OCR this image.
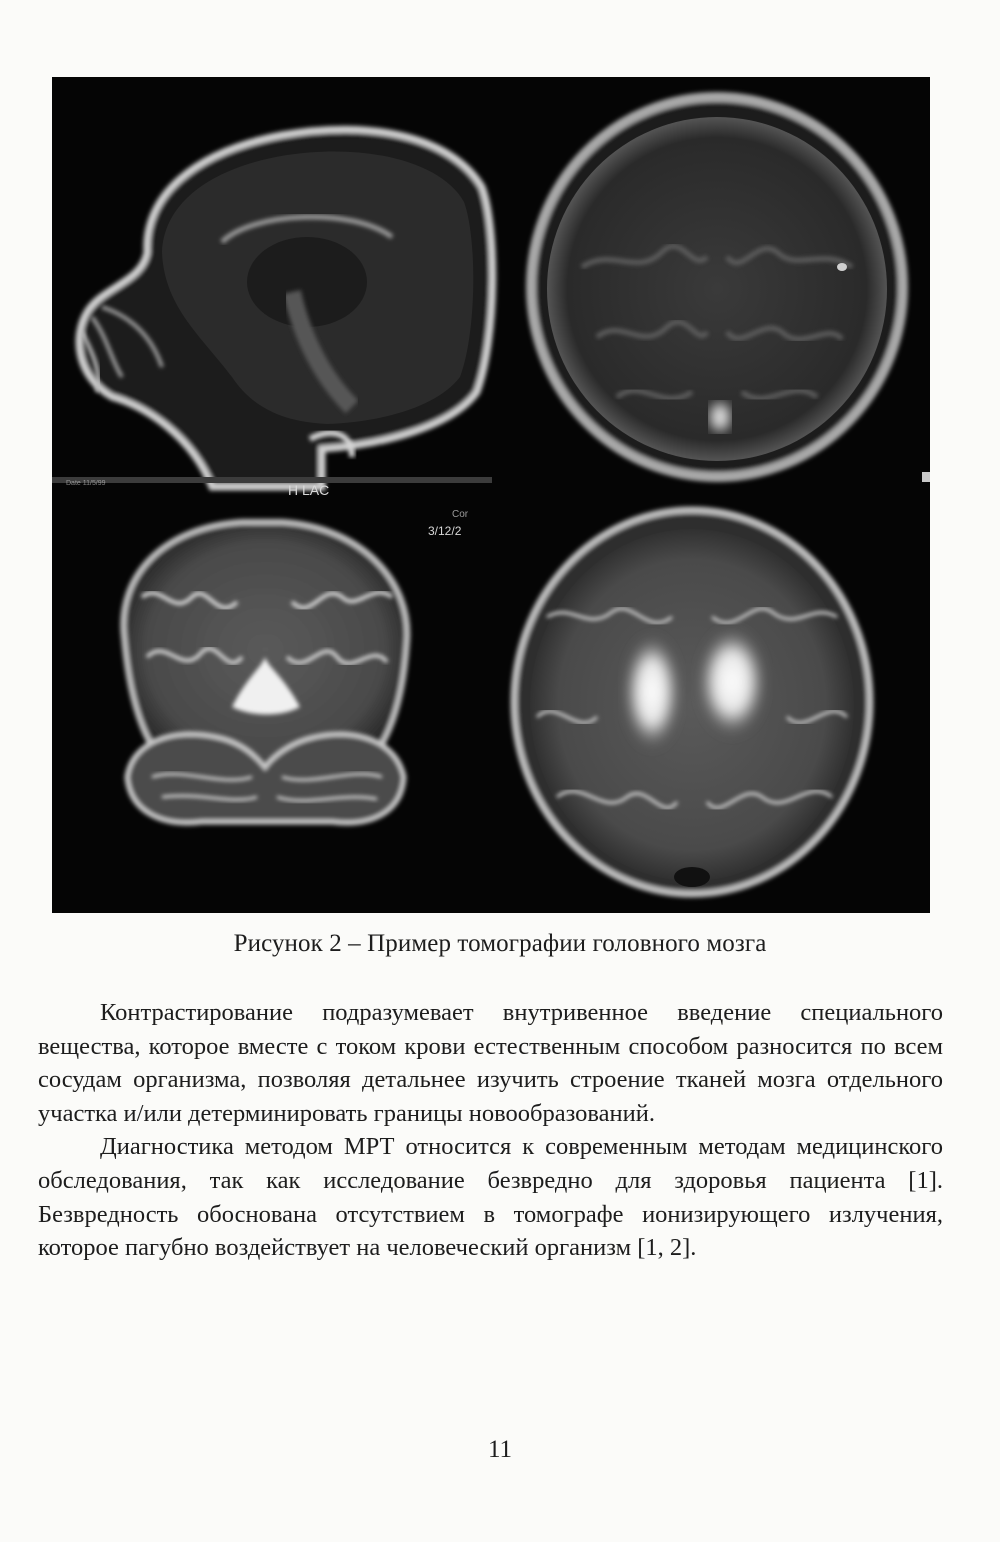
H LAC
Date 11/5/99
Cor
3/12/2
Рисунок 2 – Пример томографии головного мозга

Контрастирование подразумевает внутривенное введение специального вещества, которое вместе с током крови естественным способом разносится по всем сосудам организма, позволяя детальнее изучить строение тканей мозга отдельного участка и/или детерминировать границы новообразований.

Диагностика методом МРТ относится к современным методам медицинского обследования, так как исследование безвредно для здоровья пациента [1]. Безвредность обоснована отсутствием в томографе ионизирующего излучения, которое пагубно воздействует на человеческий организм [1, 2].

11
